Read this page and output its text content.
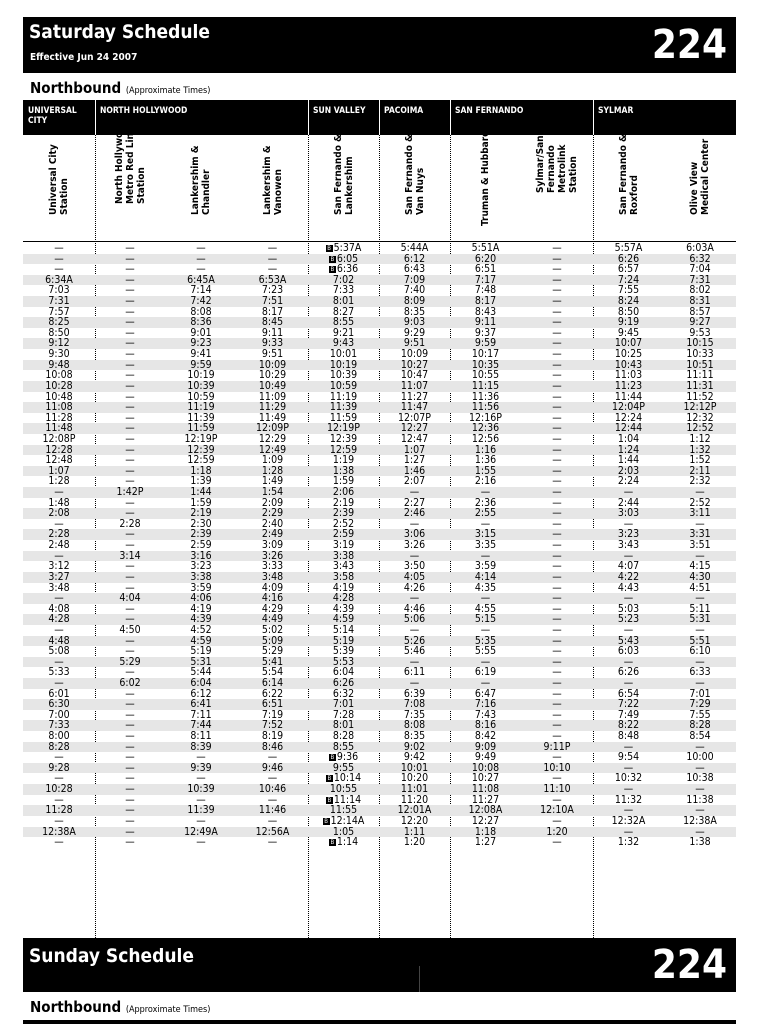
Saturday Schedule
Effective Jun 24 2007	224
Northbound (Approximate Times)
UNIVERSAL CITY
NORTH HOLLYWOOD	SUN VALLEY	PACOIMA	SAN FERNANDO	SYLMAR
Universal City Station	North Hollywood Metro Red Line Station	Lankershim & Chandler	Lankershim & Vanowen	San Fernando & Lankershim	San Fernando & Van Nuys	Truman & Hubbard	Sylmar/San Fernando Metrolink Station	San Fernando & Roxford	Olive View Medical Center
—	—	—	—	B 5:37A	5:44A	5:51A	—	5:57A	6:03A
—	—	—	—	B 6:05	6:12	6:20	—	6:26	6:32
—	—	—	—	B 6:36	6:43	6:51	—	6:57	7:04
6:34A	—	6:45A	6:53A	7:02	7:09	7:17	—	7:24	7:31
7:03	—	7:14	7:23	7:33	7:40	7:48	—	7:55	8:02
7:31	—	7:42	7:51	8:01	8:09	8:17	—	8:24	8:31
7:57	—	8:08	8:17	8:27	8:35	8:43	—	8:50	8:57
8:25	—	8:36	8:45	8:55	9:03	9:11	—	9:19	9:27
8:50	—	9:01	9:11	9:21	9:29	9:37	—	9:45	9:53
9:12	—	9:23	9:33	9:43	9:51	9:59	—	10:07	10:15
9:30	—	9:41	9:51	10:01	10:09	10:17	—	10:25	10:33
9:48	—	9:59	10:09	10:19	10:27	10:35	—	10:43	10:51
10:08	—	10:19	10:29	10:39	10:47	10:55	—	11:03	11:11
10:28	—	10:39	10:49	10:59	11:07	11:15	—	11:23	11:31
10:48	—	10:59	11:09	11:19	11:27	11:36	—	11:44	11:52
11:08	—	11:19	11:29	11:39	11:47	11:56	—	12:04P	12:12P
11:28	—	11:39	11:49	11:59	12:07P	12:16P	—	12:24	12:32
11:48	—	11:59	12:09P	12:19P	12:27	12:36	—	12:44	12:52
12:08P	—	12:19P	12:29	12:39	12:47	12:56	—	1:04	1:12
12:28	—	12:39	12:49	12:59	1:07	1:16	—	1:24	1:32
12:48	—	12:59	1:09	1:19	1:27	1:36	—	1:44	1:52
1:07	—	1:18	1:28	1:38	1:46	1:55	—	2:03	2:11
1:28	—	1:39	1:49	1:59	2:07	2:16	—	2:24	2:32
—	1:42P	1:44	1:54	2:06	—	—	—	—	—
1:48	—	1:59	2:09	2:19	2:27	2:36	—	2:44	2:52
2:08	—	2:19	2:29	2:39	2:46	2:55	—	3:03	3:11
—	2:28	2:30	2:40	2:52	—	—	—	—	—
2:28	—	2:39	2:49	2:59	3:06	3:15	—	3:23	3:31
2:48	—	2:59	3:09	3:19	3:26	3:35	—	3:43	3:51
—	3:14	3:16	3:26	3:38	—	—	—	—	—
3:12	—	3:23	3:33	3:43	3:50	3:59	—	4:07	4:15
3:27	—	3:38	3:48	3:58	4:05	4:14	—	4:22	4:30
3:48	—	3:59	4:09	4:19	4:26	4:35	—	4:43	4:51
—	4:04	4:06	4:16	4:28	—	—	—	—	—
4:08	—	4:19	4:29	4:39	4:46	4:55	—	5:03	5:11
4:28	—	4:39	4:49	4:59	5:06	5:15	—	5:23	5:31
—	4:50	4:52	5:02	5:14	—	—	—	—	—
4:48	—	4:59	5:09	5:19	5:26	5:35	—	5:43	5:51
5:08	—	5:19	5:29	5:39	5:46	5:55	—	6:03	6:10
—	5:29	5:31	5:41	5:53	—	—	—	—	—
5:33	—	5:44	5:54	6:04	6:11	6:19	—	6:26	6:33
—	6:02	6:04	6:14	6:26	—	—	—	—	—
6:01	—	6:12	6:22	6:32	6:39	6:47	—	6:54	7:01
6:30	—	6:41	6:51	7:01	7:08	7:16	—	7:22	7:29
7:00	—	7:11	7:19	7:28	7:35	7:43	—	7:49	7:55
7:33	—	7:44	7:52	8:01	8:08	8:16	—	8:22	8:28
8:00	—	8:11	8:19	8:28	8:35	8:42	—	8:48	8:54
8:28	—	8:39	8:46	8:55	9:02	9:09	9:11P	—	—
—	—	—	—	B 9:36	9:42	9:49	—	9:54	10:00
9:28	—	9:39	9:46	9:55	10:01	10:08	10:10	—	—
—	—	—	—	B 10:14	10:20	10:27	—	10:32	10:38
10:28	—	10:39	10:46	10:55	11:01	11:08	11:10	—	—
—	—	—	—	B 11:14	11:20	11:27	—	11:32	11:38
11:28	—	11:39	11:46	11:55	12:01A	12:08A	12:10A	—	—
—	—	—	—	B 12:14A	12:20	12:27	—	12:32A	12:38A
12:38A	—	12:49A	12:56A	1:05	1:11	1:18	1:20	—	—
—	—	—	—	B 1:14	1:20	1:27	—	1:32	1:38
Sunday Schedule	224
Northbound (Approximate Times)
